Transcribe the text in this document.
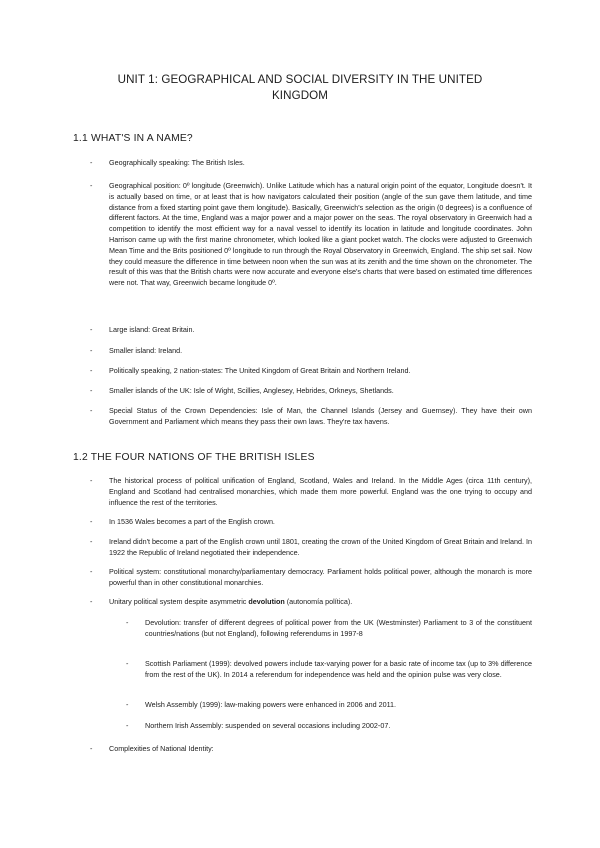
UNIT 1: GEOGRAPHICAL AND SOCIAL DIVERSITY IN THE UNITED KINGDOM
1.1 WHAT'S IN A NAME?
- Geographically speaking: The British Isles.
- Geographical position: 0º longitude (Greenwich). Unlike Latitude which has a natural origin point of the equator, Longitude doesn't. It is actually based on time, or at least that is how navigators calculated their position (angle of the sun gave them latitude, and time distance from a fixed starting point gave them longitude). Basically, Greenwich's selection as the origin (0 degrees) is a confluence of different factors. At the time, England was a major power and a major power on the seas. The royal observatory in Greenwich had a competition to identify the most efficient way for a naval vessel to identify its location in latitude and longitude coordinates. John Harrison came up with the first marine chronometer, which looked like a giant pocket watch. The clocks were adjusted to Greenwich Mean Time and the Brits positioned 0º longitude to run through the Royal Observatory in Greenwich, England. The ship set sail. Now they could measure the difference in time between noon when the sun was at its zenith and the time shown on the chronometer. The result of this was that the British charts were now accurate and everyone else's charts that were based on estimated time differences were not. That way, Greenwich became longitude 0º.
- Large island: Great Britain.
- Smaller island: Ireland.
- Politically speaking, 2 nation-states: The United Kingdom of Great Britain and Northern Ireland.
- Smaller islands of the UK: Isle of Wight, Scillies, Anglesey, Hebrides, Orkneys, Shetlands.
- Special Status of the Crown Dependencies: Isle of Man, the Channel Islands (Jersey and Guernsey). They have their own Government and Parliament which means they pass their own laws. They're tax havens.
1.2 THE FOUR NATIONS OF THE BRITISH ISLES
- The historical process of political unification of England, Scotland, Wales and Ireland. In the Middle Ages (circa 11th century), England and Scotland had centralised monarchies, which made them more powerful. England was the one trying to occupy and influence the rest of the territories.
- In 1536 Wales becomes a part of the English crown.
- Ireland didn't become a part of the English crown until 1801, creating the crown of the United Kingdom of Great Britain and Ireland. In 1922 the Republic of Ireland negotiated their independence.
- Political system: constitutional monarchy/parliamentary democracy. Parliament holds political power, although the monarch is more powerful than in other constitutional monarchies.
- Unitary political system despite asymmetric devolution (autonomía política).
- Devolution: transfer of different degrees of political power from the UK (Westminster) Parliament to 3 of the constituent countries/nations (but not England), following referendums in 1997-8
- Scottish Parliament (1999): devolved powers include tax-varying power for a basic rate of income tax (up to 3% difference from the rest of the UK). In 2014 a referendum for independence was held and the opinion pulse was very close.
- Welsh Assembly (1999): law-making powers were enhanced in 2006 and 2011.
- Northern Irish Assembly: suspended on several occasions including 2002-07.
- Complexities of National Identity:
